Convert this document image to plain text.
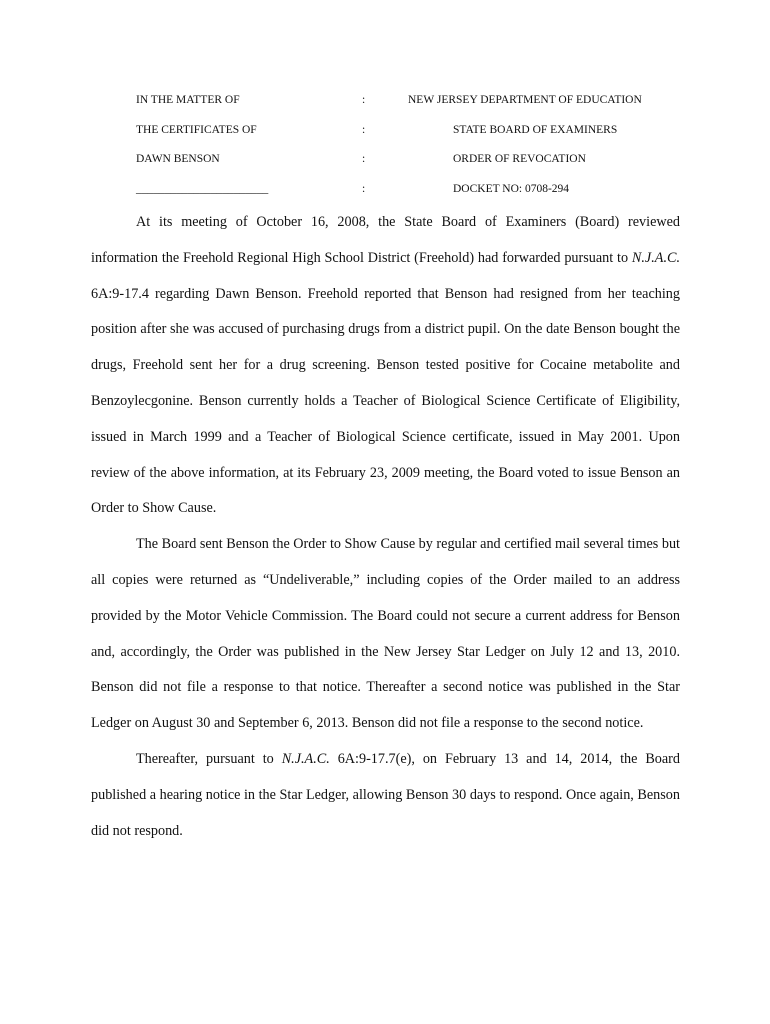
IN THE MATTER OF	:	NEW JERSEY DEPARTMENT OF EDUCATION
THE CERTIFICATES OF	:	STATE BOARD OF EXAMINERS
DAWN BENSON	:	ORDER OF REVOCATION
_______________________	:	DOCKET NO: 0708-294

At its meeting of October 16, 2008, the State Board of Examiners (Board) reviewed information the Freehold Regional High School District (Freehold) had forwarded pursuant to N.J.A.C. 6A:9-17.4 regarding Dawn Benson. Freehold reported that Benson had resigned from her teaching position after she was accused of purchasing drugs from a district pupil. On the date Benson bought the drugs, Freehold sent her for a drug screening. Benson tested positive for Cocaine metabolite and Benzoylecgonine. Benson currently holds a Teacher of Biological Science Certificate of Eligibility, issued in March 1999 and a Teacher of Biological Science certificate, issued in May 2001. Upon review of the above information, at its February 23, 2009 meeting, the Board voted to issue Benson an Order to Show Cause.

The Board sent Benson the Order to Show Cause by regular and certified mail several times but all copies were returned as “Undeliverable,” including copies of the Order mailed to an address provided by the Motor Vehicle Commission. The Board could not secure a current address for Benson and, accordingly, the Order was published in the New Jersey Star Ledger on July 12 and 13, 2010. Benson did not file a response to that notice. Thereafter a second notice was published in the Star Ledger on August 30 and September 6, 2013. Benson did not file a response to the second notice.

Thereafter, pursuant to N.J.A.C. 6A:9-17.7(e), on February 13 and 14, 2014, the Board published a hearing notice in the Star Ledger, allowing Benson 30 days to respond. Once again, Benson did not respond.
